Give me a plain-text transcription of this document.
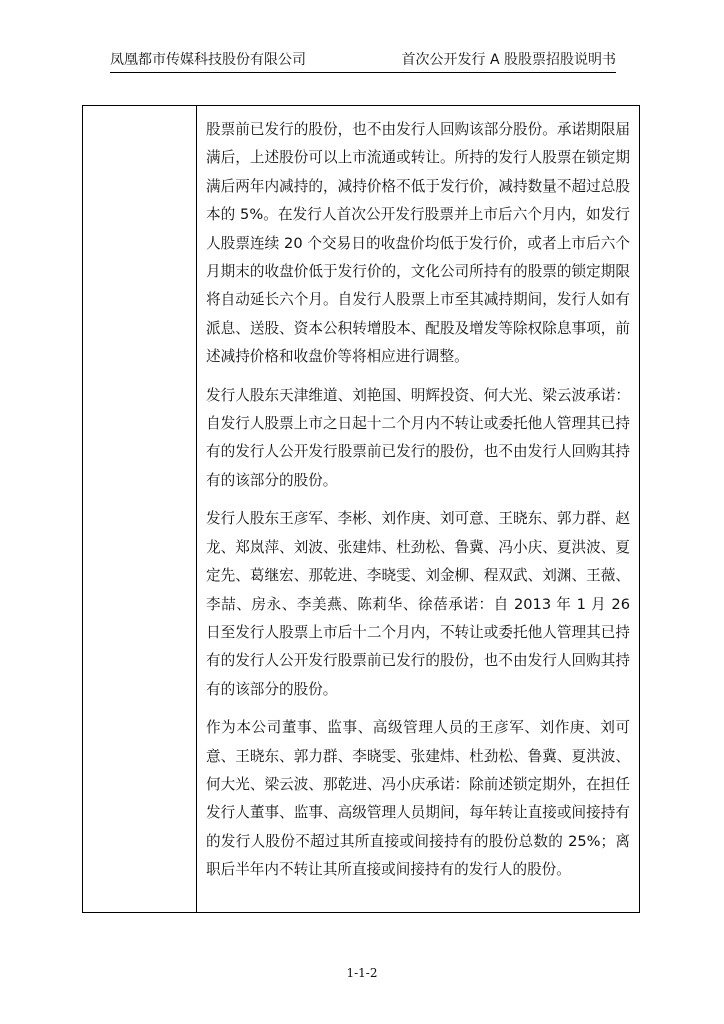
凤凰都市传媒科技股份有限公司	首次公开发行 A 股股票招股说明书

股票前已发行的股份，也不由发行人回购该部分股份。承诺期限届满后，上述股份可以上市流通或转让。所持的发行人股票在锁定期满后两年内减持的，减持价格不低于发行价，减持数量不超过总股本的 5%。在发行人首次公开发行股票并上市后六个月内，如发行人股票连续 20 个交易日的收盘价均低于发行价，或者上市后六个月期末的收盘价低于发行价的，文化公司所持有的股票的锁定期限将自动延长六个月。自发行人股票上市至其减持期间，发行人如有派息、送股、资本公积转增股本、配股及增发等除权除息事项，前述减持价格和收盘价等将相应进行调整。

发行人股东天津维道、刘艳国、明辉投资、何大光、梁云波承诺：自发行人股票上市之日起十二个月内不转让或委托他人管理其已持有的发行人公开发行股票前已发行的股份，也不由发行人回购其持有的该部分的股份。

发行人股东王彦军、李彬、刘作庚、刘可意、王晓东、郭力群、赵龙、郑岚萍、刘波、张建炜、杜劲松、鲁冀、冯小庆、夏洪波、夏定先、葛继宏、那乾进、李晓雯、刘金柳、程双武、刘渊、王薇、李喆、房永、李美燕、陈莉华、徐蓓承诺：自 2013 年 1 月 26 日至发行人股票上市后十二个月内，不转让或委托他人管理其已持有的发行人公开发行股票前已发行的股份，也不由发行人回购其持有的该部分的股份。

作为本公司董事、监事、高级管理人员的王彦军、刘作庚、刘可意、王晓东、郭力群、李晓雯、张建炜、杜劲松、鲁冀、夏洪波、何大光、梁云波、那乾进、冯小庆承诺：除前述锁定期外，在担任发行人董事、监事、高级管理人员期间，每年转让直接或间接持有的发行人股份不超过其所直接或间接持有的股份总数的 25%；离职后半年内不转让其所直接或间接持有的发行人的股份。

1-1-2
